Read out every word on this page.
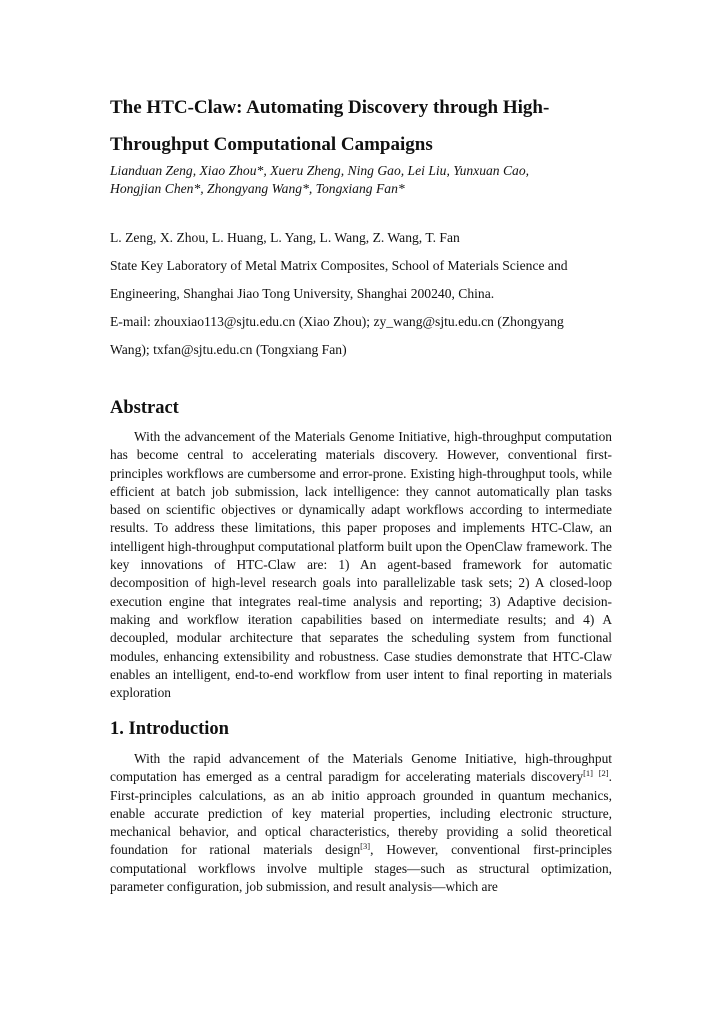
The HTC-Claw: Automating Discovery through High-
Throughput Computational Campaigns
Lianduan Zeng, Xiao Zhou*, Xueru Zheng, Ning Gao, Lei Liu, Yunxuan Cao,
Hongjian Chen*, Zhongyang Wang*, Tongxiang Fan*

L. Zeng, X. Zhou, L. Huang, L. Yang, L. Wang, Z. Wang, T. Fan

State Key Laboratory of Metal Matrix Composites, School of Materials Science and

Engineering, Shanghai Jiao Tong University, Shanghai 200240, China.

E-mail: zhouxiao113@sjtu.edu.cn (Xiao Zhou); zy_wang@sjtu.edu.cn (Zhongyang

Wang); txfan@sjtu.edu.cn (Tongxiang Fan)

Abstract

With the advancement of the Materials Genome Initiative, high-throughput computation has become central to accelerating materials discovery. However, conventional first-principles workflows are cumbersome and error-prone. Existing high-throughput tools, while efficient at batch job submission, lack intelligence: they cannot automatically plan tasks based on scientific objectives or dynamically adapt workflows according to intermediate results. To address these limitations, this paper proposes and implements HTC-Claw, an intelligent high-throughput computational platform built upon the OpenClaw framework. The key innovations of HTC-Claw are: 1) An agent-based framework for automatic decomposition of high-level research goals into parallelizable task sets; 2) A closed-loop execution engine that integrates real-time analysis and reporting; 3) Adaptive decision-making and workflow iteration capabilities based on intermediate results; and 4) A decoupled, modular architecture that separates the scheduling system from functional modules, enhancing extensibility and robustness. Case studies demonstrate that HTC-Claw enables an intelligent, end-to-end workflow from user intent to final reporting in materials exploration

1. Introduction

With the rapid advancement of the Materials Genome Initiative, high-throughput computation has emerged as a central paradigm for accelerating materials discovery[1] [2]. First-principles calculations, as an ab initio approach grounded in quantum mechanics, enable accurate prediction of key material properties, including electronic structure, mechanical behavior, and optical characteristics, thereby providing a solid theoretical foundation for rational materials design[3], However, conventional first-principles computational workflows involve multiple stages—such as structural optimization, parameter configuration, job submission, and result analysis—which are
